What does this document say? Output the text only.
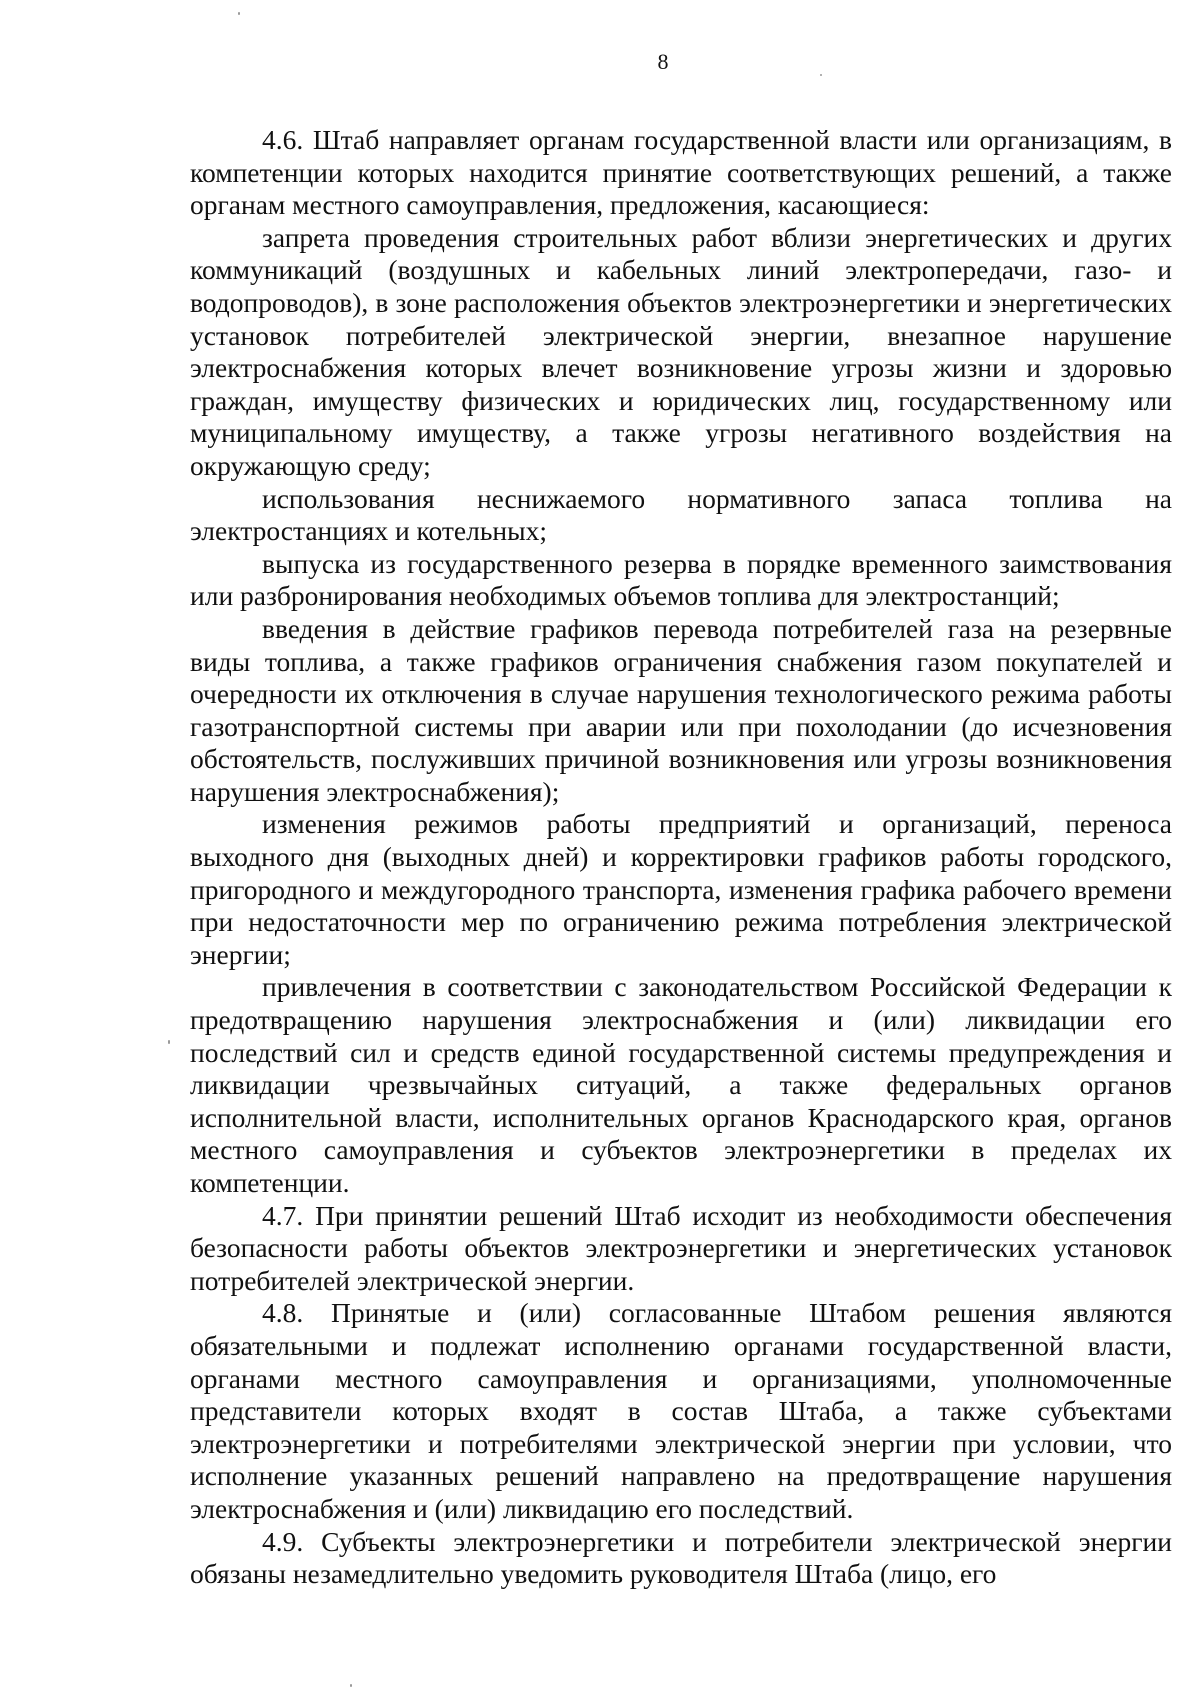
8

4.6. Штаб направляет органам государственной власти или организациям, в компетенции которых находится принятие соответствующих решений, а также органам местного самоуправления, предложения, касающиеся:

запрета проведения строительных работ вблизи энергетических и других коммуникаций (воздушных и кабельных линий электропередачи, газо- и водопроводов), в зоне расположения объектов электроэнергетики и энергетических установок потребителей электрической энергии, внезапное нарушение электроснабжения которых влечет возникновение угрозы жизни и здоровью граждан, имуществу физических и юридических лиц, государственному или муниципальному имуществу, а также угрозы негативного воздействия на окружающую среду;

использования неснижаемого нормативного запаса топлива на электростанциях и котельных;

выпуска из государственного резерва в порядке временного заимствования или разбронирования необходимых объемов топлива для электростанций;

введения в действие графиков перевода потребителей газа на резервные виды топлива, а также графиков ограничения снабжения газом покупателей и очередности их отключения в случае нарушения технологического режима работы газотранспортной системы при аварии или при похолодании (до исчезновения обстоятельств, послуживших причиной возникновения или угрозы возникновения нарушения электроснабжения);

изменения режимов работы предприятий и организаций, переноса выходного дня (выходных дней) и корректировки графиков работы городского, пригородного и междугородного транспорта, изменения графика рабочего времени при недостаточности мер по ограничению режима потребления электрической энергии;

привлечения в соответствии с законодательством Российской Федерации к предотвращению нарушения электроснабжения и (или) ликвидации его последствий сил и средств единой государственной системы предупреждения и ликвидации чрезвычайных ситуаций, а также федеральных органов исполнительной власти, исполнительных органов Краснодарского края, органов местного самоуправления и субъектов электроэнергетики в пределах их компетенции.

4.7. При принятии решений Штаб исходит из необходимости обеспечения безопасности работы объектов электроэнергетики и энергетических установок потребителей электрической энергии.

4.8. Принятые и (или) согласованные Штабом решения являются обязательными и подлежат исполнению органами государственной власти, органами местного самоуправления и организациями, уполномоченные представители которых входят в состав Штаба, а также субъектами электроэнергетики и потребителями электрической энергии при условии, что исполнение указанных решений направлено на предотвращение нарушения электроснабжения и (или) ликвидацию его последствий.

4.9. Субъекты электроэнергетики и потребители электрической энергии обязаны незамедлительно уведомить руководителя Штаба (лицо, его
